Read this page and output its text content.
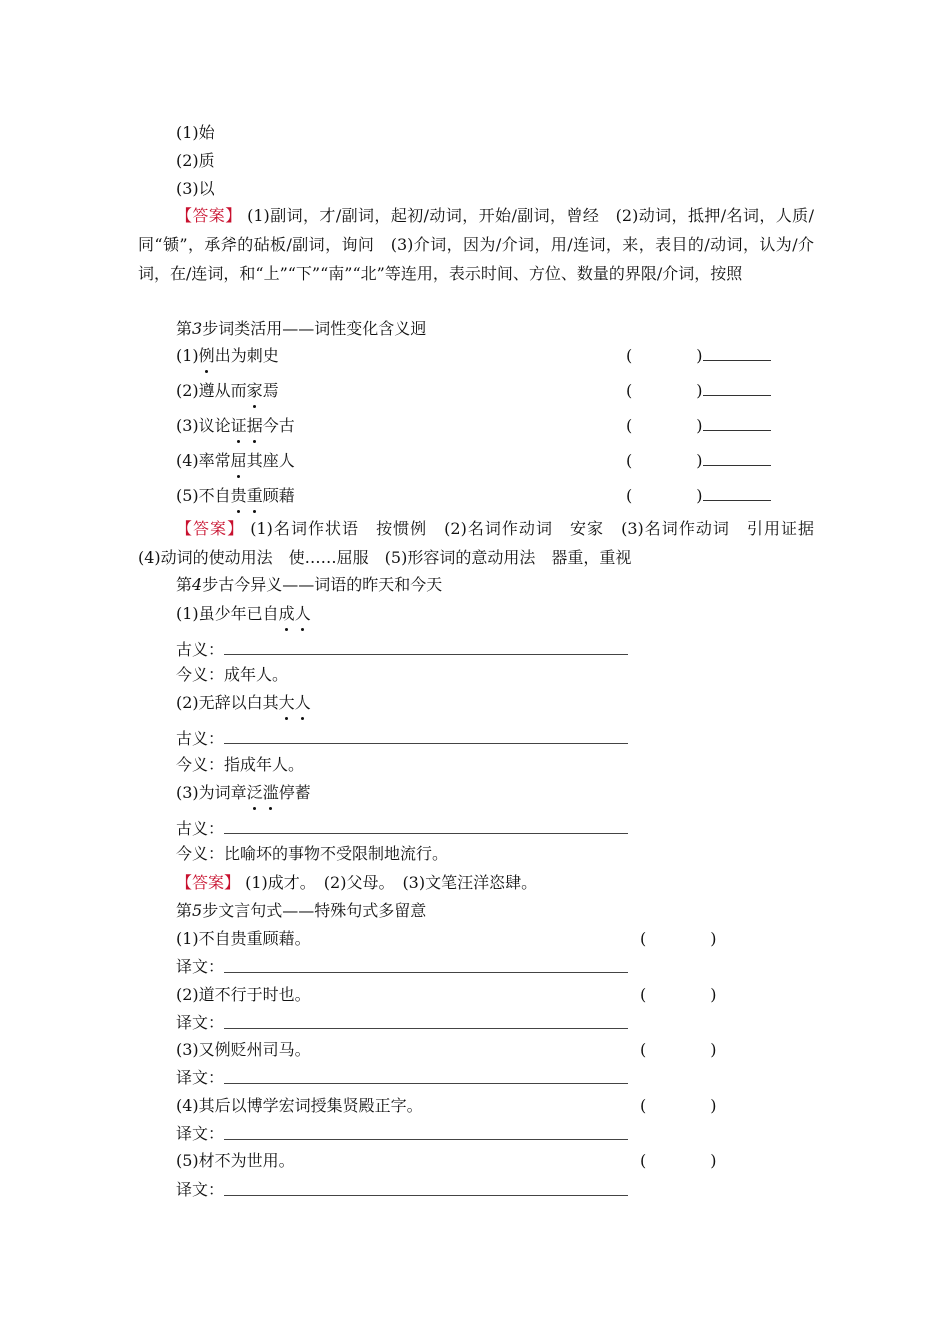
(1)始
(2)质
(3)以
【答案】 (1)副词，才/副词，起初/动词，开始/副词，曾经　(2)动词，抵押/名词，人质/同“锧”，承斧的砧板/副词，询问　(3)介词，因为/介词，用/连词，来，表目的/动词，认为/介词，在/连词，和“上”“下”“南”“北”等连用，表示时间、方位、数量的界限/介词，按照
第3步词类活用——词性变化含义迥
(1)例出为刺史	(　　　　)
(2)遵从而家焉	(　　　　)
(3)议论证据今古	(　　　　)
(4)率常屈其座人	(　　　　)
(5)不自贵重顾藉	(　　　　)
【答案】 (1)名词作状语　按惯例　(2)名词作动词　安家　(3)名词作动词　引用证据　(4)动词的使动用法　使……屈服　(5)形容词的意动用法　器重，重视
第4步古今异义——词语的昨天和今天
(1)虽少年已自成人
古义：
今义：成年人。
(2)无辞以白其大人
古义：
今义：指成年人。
(3)为词章泛滥停蓄
古义：
今义：比喻坏的事物不受限制地流行。
【答案】 (1)成才。　(2)父母。　(3)文笔汪洋恣肆。
第5步文言句式——特殊句式多留意
(1)不自贵重顾藉。	(　　　　)
译文：
(2)道不行于时也。	(　　　　)
译文：
(3)又例贬州司马。	(　　　　)
译文：
(4)其后以博学宏词授集贤殿正字。	(　　　　)
译文：
(5)材不为世用。	(　　　　)
译文：
